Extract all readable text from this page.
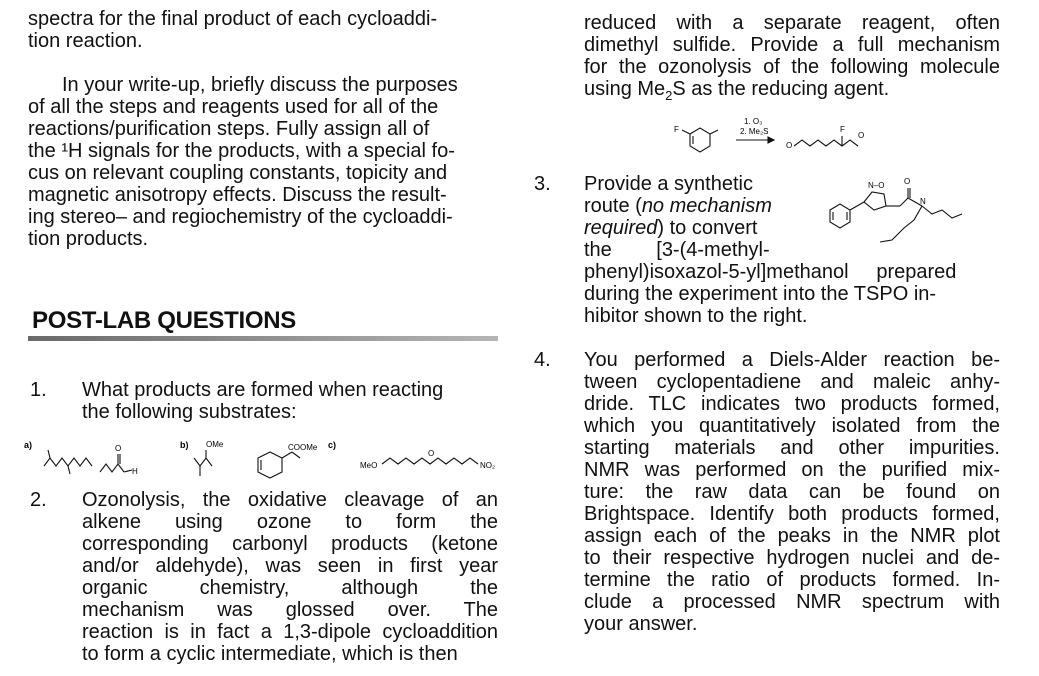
spectra for the final product of each cycloaddi-

tion reaction.

In your write-up, briefly discuss the purposes

of all the steps and reagents used for all of the

reactions/purification steps. Fully assign all of

the ¹H signals for the products, with a special fo-

cus on relevant coupling constants, topicity and

magnetic anisotropy effects. Discuss the result-

ing stereo– and regiochemistry of the cycloaddi-

tion products.

POST-LAB QUESTIONS
1. What products are formed when reacting

the following substrates:

a)	b)	c)
O
H
OMe	COOMe
MeO
O
NO₂
2. Ozonolysis, the oxidative cleavage of an

alkene using ozone to form the

corresponding carbonyl products (ketone

and/or aldehyde), was seen in first year

organic chemistry, although the

mechanism was glossed over. The

reaction is in fact a 1,3-dipole cycloaddition

to form a cyclic intermediate, which is then

reduced with a separate reagent, often

dimethyl sulfide. Provide a full mechanism

for the ozonolysis of the following molecule

using $Me_2S$ as the reducing agent.

1. O₃
2. Me₂S
F
O
F
O
3. Provide a synthetic

route (no mechanism

required) to convert

the        [3-(4-methyl-

phenyl)isoxazol-5-yl]methanol     prepared

during the experiment into the TSPO in-

hibitor shown to the right.

N–O O
N
4. You performed a Diels-Alder reaction be-

tween cyclopentadiene and maleic anhy-

dride. TLC indicates two products formed,

which you quantitatively isolated from the

starting materials and other impurities.

NMR was performed on the purified mix-

ture: the raw data can be found on

Brightspace. Identify both products formed,

assign each of the peaks in the NMR plot

to their respective hydrogen nuclei and de-

termine the ratio of products formed. In-

clude a processed NMR spectrum with

your answer.
